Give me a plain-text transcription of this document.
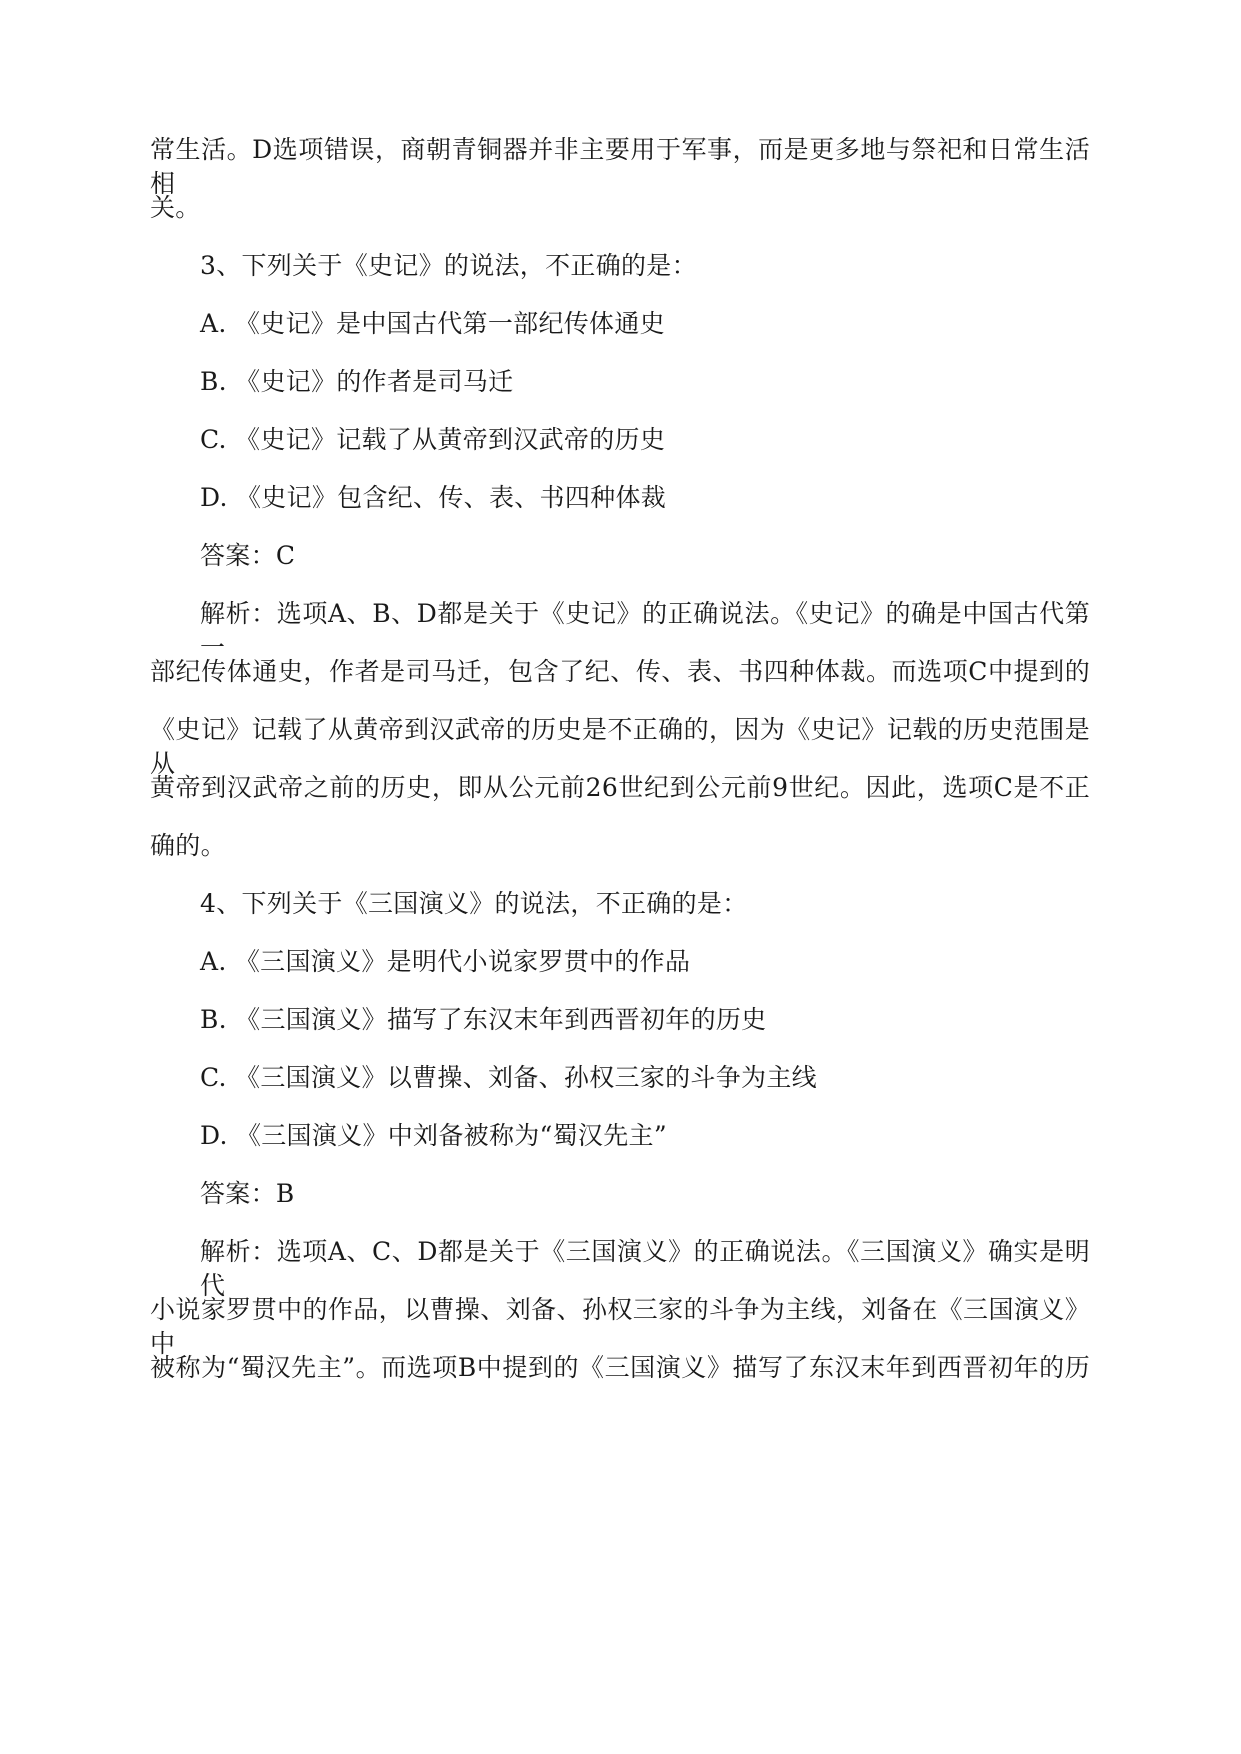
常生活。D选项错误，商朝青铜器并非主要用于军事，而是更多地与祭祀和日常生活相
关。
3、下列关于《史记》的说法，不正确的是：
A. 《史记》是中国古代第一部纪传体通史
B. 《史记》的作者是司马迁
C. 《史记》记载了从黄帝到汉武帝的历史
D. 《史记》包含纪、传、表、书四种体裁
答案：C
解析：选项A、B、D都是关于《史记》的正确说法。《史记》的确是中国古代第一
部纪传体通史，作者是司马迁，包含了纪、传、表、书四种体裁。而选项C中提到的
《史记》记载了从黄帝到汉武帝的历史是不正确的，因为《史记》记载的历史范围是从
黄帝到汉武帝之前的历史，即从公元前26世纪到公元前9世纪。因此，选项C是不正
确的。
4、下列关于《三国演义》的说法，不正确的是：
A. 《三国演义》是明代小说家罗贯中的作品
B. 《三国演义》描写了东汉末年到西晋初年的历史
C. 《三国演义》以曹操、刘备、孙权三家的斗争为主线
D. 《三国演义》中刘备被称为“蜀汉先主”
答案：B
解析：选项A、C、D都是关于《三国演义》的正确说法。《三国演义》确实是明代
小说家罗贯中的作品，以曹操、刘备、孙权三家的斗争为主线，刘备在《三国演义》中
被称为“蜀汉先主”。而选项B中提到的《三国演义》描写了东汉末年到西晋初年的历
